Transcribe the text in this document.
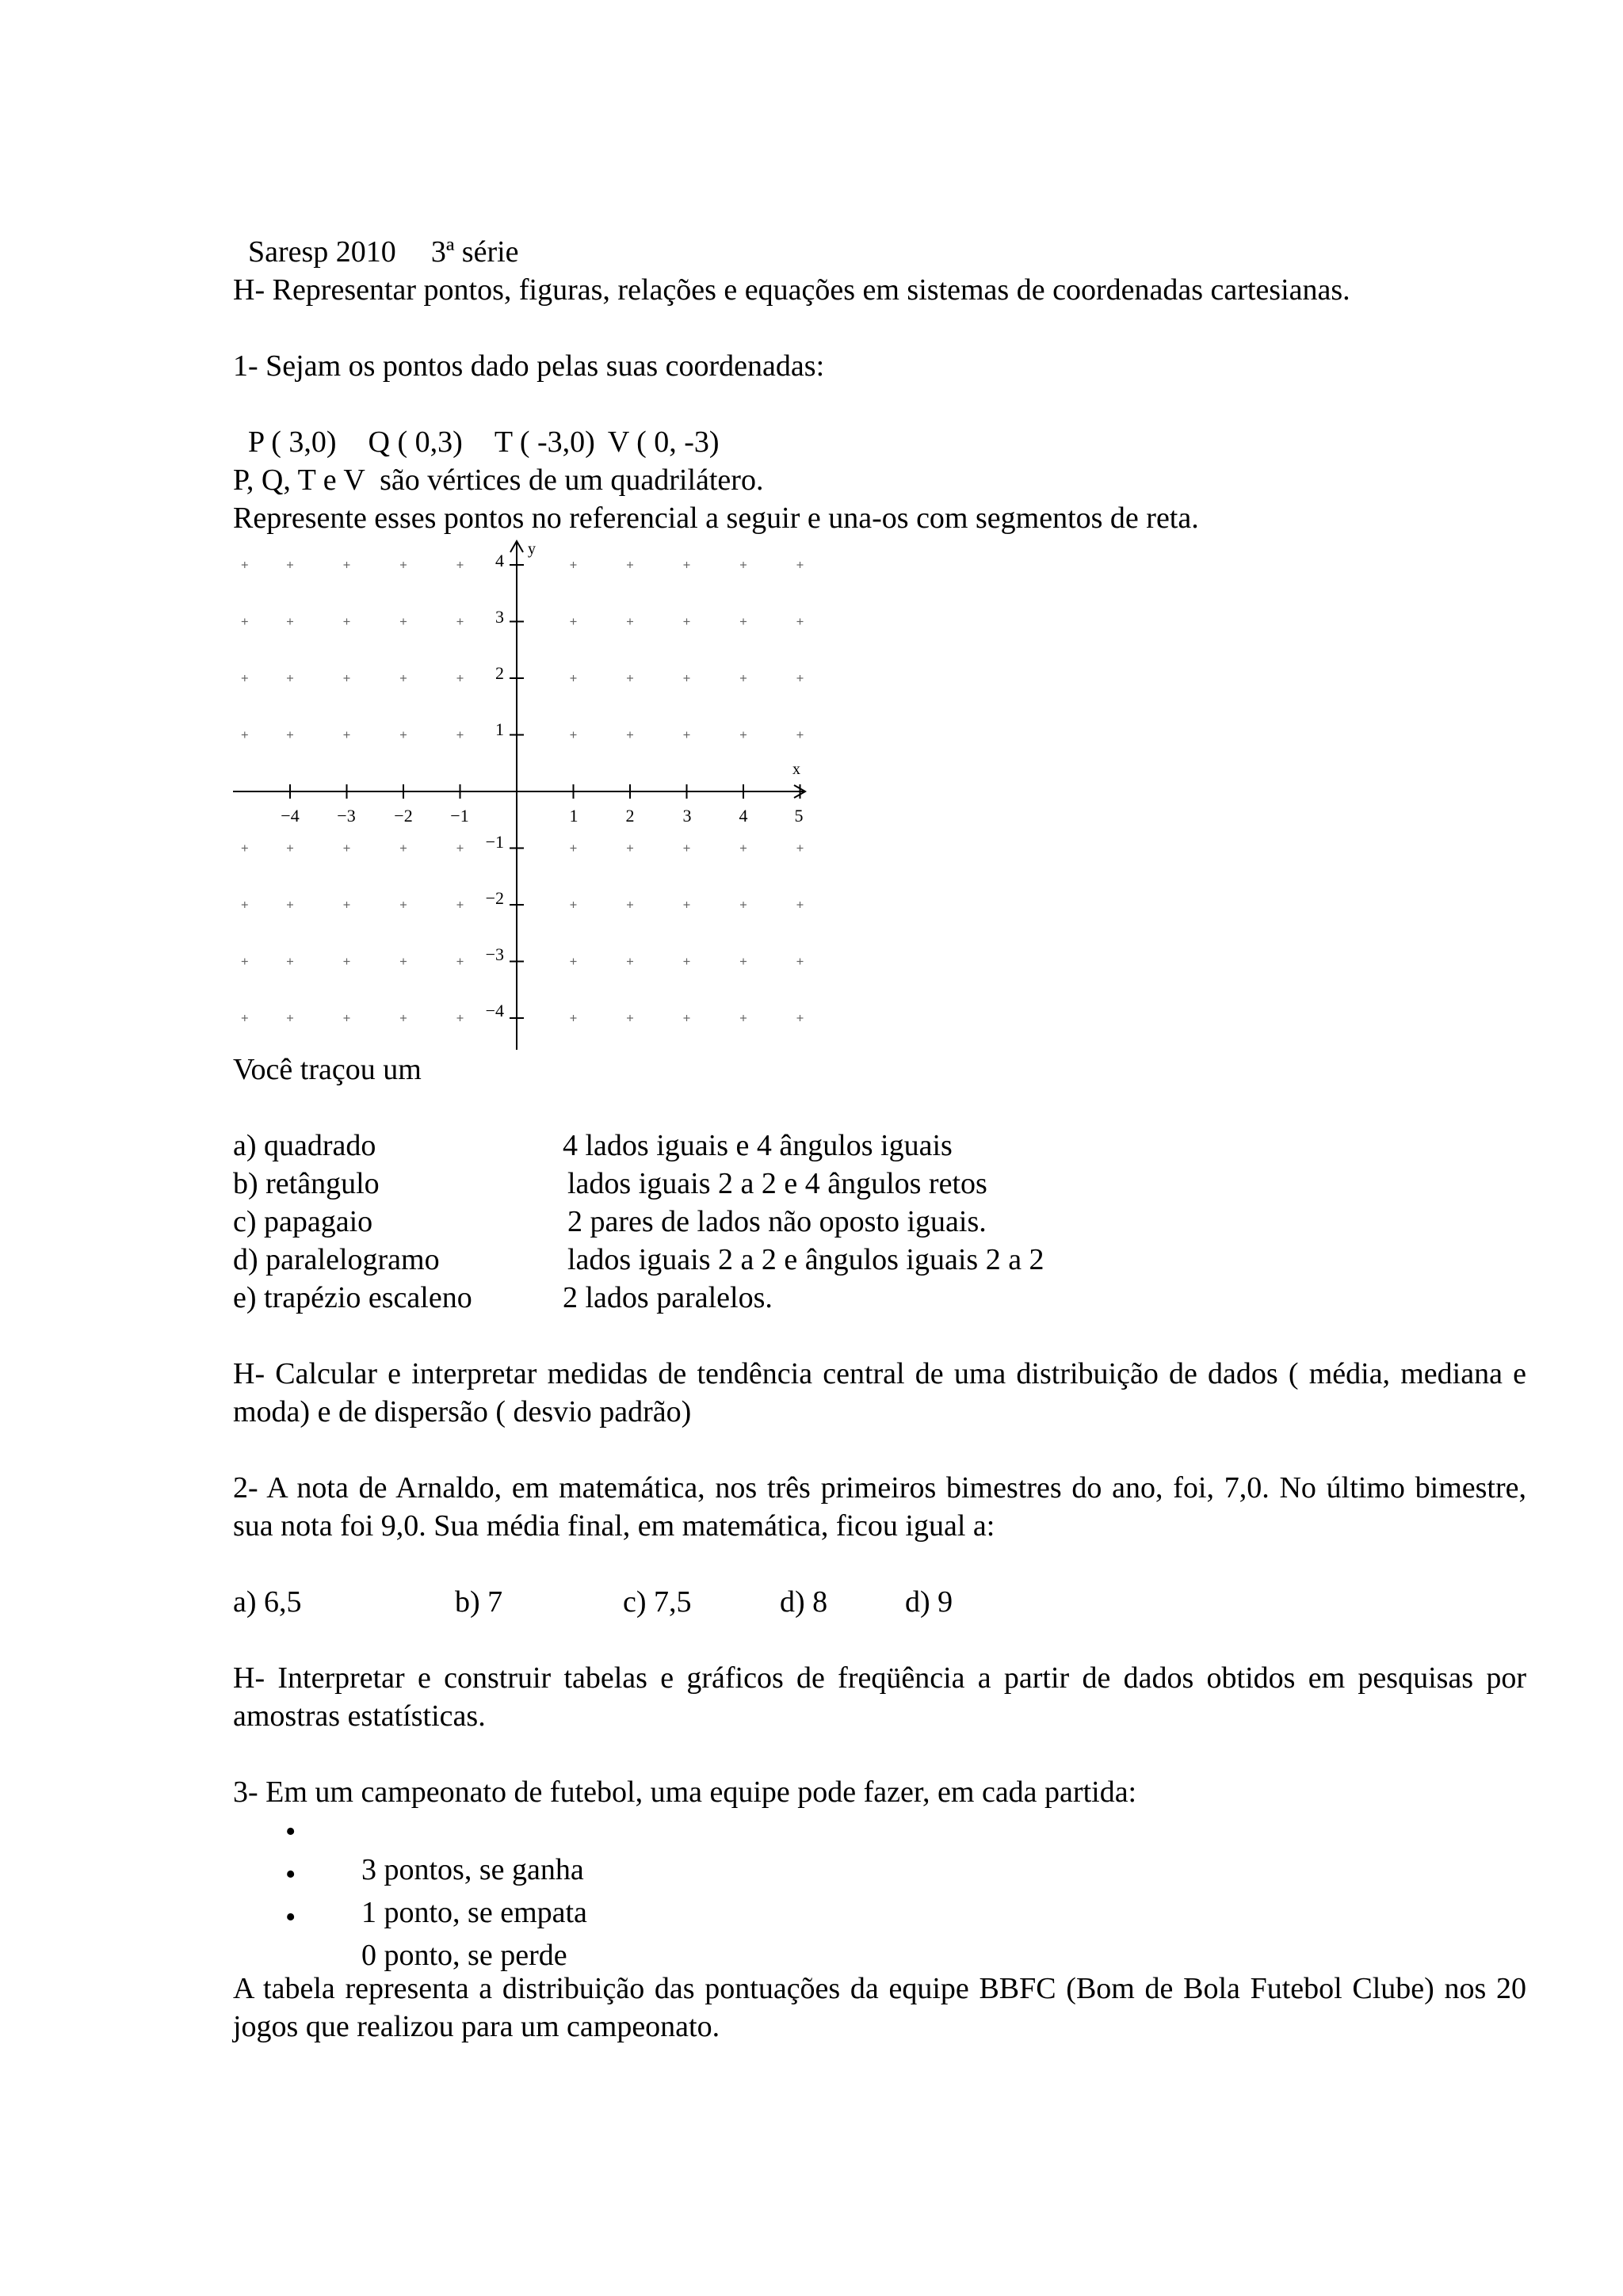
Saresp 2010 3ª série

H- Representar pontos, figuras, relações e equações em sistemas de coordenadas cartesianas.

1- Sejam os pontos dado pelas suas coordenadas:

P ( 3,0) Q ( 0,3) T ( -3,0) V ( 0, -3)

P, Q, T e V  são vértices de um quadrilátero.

Represente esses pontos no referencial a seguir e una-os com segmentos de reta.

x
y
−4 −3 −2 −1	1	2	3	4	5
4
3
2
1
−1
−2
−3
−4

Você traçou um

a) quadrado	4 lados iguais e 4 ângulos iguais

b) retângulo	lados iguais 2 a 2 e 4 ângulos retos

c) papagaio	2 pares de lados não oposto iguais.

d) paralelogramo	lados iguais 2 a 2 e ângulos iguais 2 a 2

e) trapézio escaleno	2 lados paralelos.

H- Calcular e interpretar medidas de tendência central de uma distribuição de dados ( média, mediana e moda) e de dispersão ( desvio padrão)

2- A nota de Arnaldo, em matemática, nos três primeiros bimestres do ano, foi, 7,0. No último bimestre, sua nota foi 9,0. Sua média final, em matemática, ficou igual a:

a) 6,5	b) 7	c) 7,5	d) 8	d) 9

H- Interpretar e construir tabelas e gráficos de freqüência a partir de dados obtidos em pesquisas por amostras estatísticas.

3- Em um campeonato de futebol, uma equipe pode fazer, em cada partida:

•
3 pontos, se ganha

•
1 ponto, se empata

•
0 ponto, se perde

A tabela representa a distribuição das pontuações da equipe BBFC (Bom de Bola Futebol Clube) nos 20 jogos que realizou para um campeonato.
